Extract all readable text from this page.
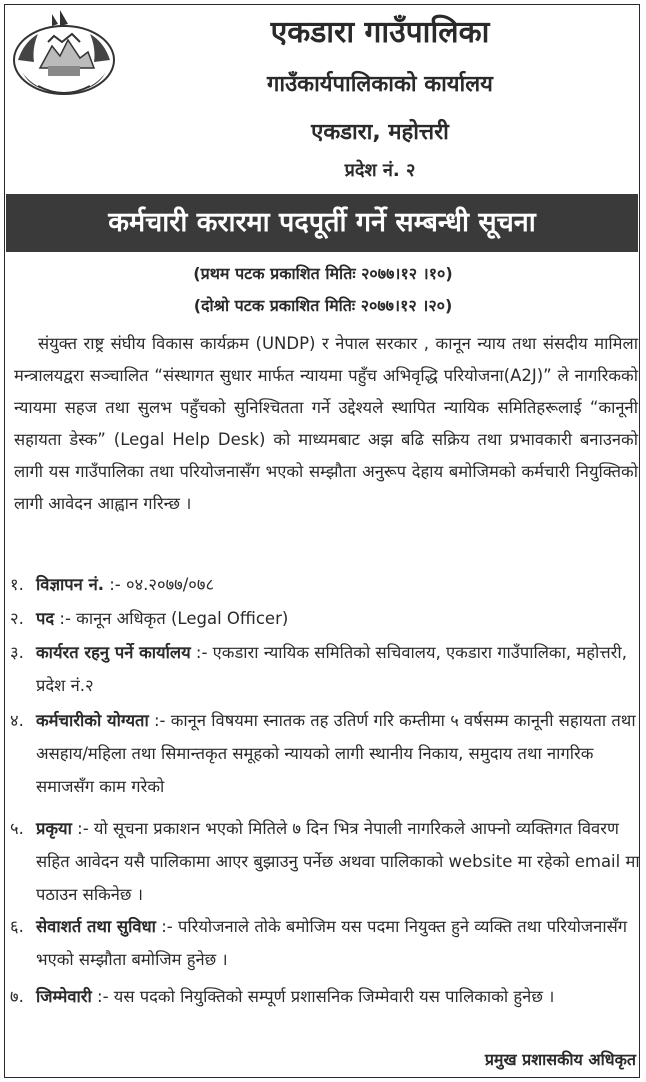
एकडारा गाउँपालिका
गाउँकार्यपालिकाको कार्यालय
एकडारा, महोत्तरी
प्रदेश नं. २
कर्मचारी करारमा पदपूर्ती गर्ने सम्बन्धी सूचना
(प्रथम पटक प्रकाशित मितिः २०७७।१२ ।१०)
(दोश्रो पटक प्रकाशित मितिः २०७७।१२ ।२०)
संयुक्त राष्ट्र संघीय विकास कार्यक्रम (UNDP) र नेपाल सरकार , कानून न्याय तथा संसदीय मामिला मन्त्रालयद्वरा सञ्चालित “संस्थागत सुधार मार्फत न्यायमा पहुँच अभिवृद्धि परियोजना(A2J)” ले नागरिकको न्यायमा सहज तथा सुलभ पहुँचको सुनिश्चितता गर्ने उद्देश्यले स्थापित न्यायिक समितिहरूलाई “कानूनी सहायता डेस्क” (Legal Help Desk) को माध्यमबाट अझ बढि सक्रिय तथा प्रभावकारी बनाउनको लागी यस गाउँपालिका तथा परियोजनासँग भएको सम्झौता अनुरूप देहाय बमोजिमको कर्मचारी नियुक्तिको लागी आवेदन आह्वान गरिन्छ ।
१. विज्ञापन नं. :- ०४.२०७७/०७८
२. पद :- कानून अधिकृत (Legal Officer)
३. कार्यरत रहनु पर्ने कार्यालय :- एकडारा न्यायिक समितिको सचिवालय, एकडारा गाउँपालिका, महोत्तरी, प्रदेश नं.२
४. कर्मचारीको योग्यता :- कानून विषयमा स्नातक तह उतिर्ण गरि कम्तीमा ५ वर्षसम्म कानूनी सहायता तथा असहाय/महिला तथा सिमान्तकृत समूहको न्यायको लागी स्थानीय निकाय, समुदाय तथा नागरिक समाजसँग काम गरेको
५. प्रकृया :- यो सूचना प्रकाशन भएको मितिले ७ दिन भित्र नेपाली नागरिकले आफ्नो व्यक्तिगत विवरण सहित आवेदन यसै पालिकामा आएर बुझाउनु पर्नेछ अथवा पालिकाको website मा रहेको email मा पठाउन सकिनेछ ।
६. सेवाशर्त तथा सुविधा :- परियोजनाले तोके बमोजिम यस पदमा नियुक्त हुने व्यक्ति तथा परियोजनासँग भएको सम्झौता बमोजिम हुनेछ ।
७. जिम्मेवारी :- यस पदको नियुक्तिको सम्पूर्ण प्रशासनिक जिम्मेवारी यस पालिकाको हुनेछ ।
प्रमुख प्रशासकीय अधिकृत
